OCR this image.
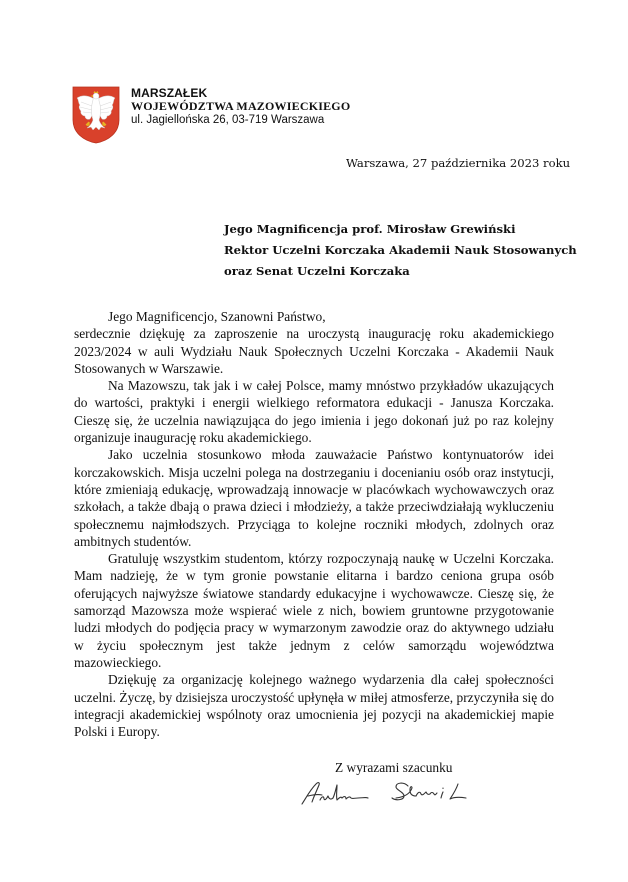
MARSZAŁEK
WOJEWÓDZTWA MAZOWIECKIEGO
ul. Jagiellońska 26, 03-719 Warszawa
Warszawa, 27 października 2023 roku
Jego Magnificencja prof. Mirosław Grewiński
Rektor Uczelni Korczaka Akademii Nauk Stosowanych
oraz Senat Uczelni Korczaka

Jego Magnificencjo, Szanowni Państwo,

serdecznie dziękuję za zaproszenie na uroczystą inaugurację roku akademickiego 2023/2024 w auli Wydziału Nauk Społecznych Uczelni Korczaka - Akademii Nauk Stosowanych w Warszawie.

Na Mazowszu, tak jak i w całej Polsce, mamy mnóstwo przykładów ukazujących do wartości, praktyki i energii wielkiego reformatora edukacji - Janusza Korczaka. Cieszę się, że uczelnia nawiązująca do jego imienia i jego dokonań już po raz kolejny organizuje inaugurację roku akademickiego.

Jako uczelnia stosunkowo młoda zauważacie Państwo kontynuatorów idei korczakowskich. Misja uczelni polega na dostrzeganiu i docenianiu osób oraz instytucji, które zmieniają edukację, wprowadzają innowacje w placówkach wychowawczych oraz szkołach, a także dbają o prawa dzieci i młodzieży, a także przeciwdziałają wykluczeniu społecznemu najmłodszych. Przyciąga to kolejne roczniki młodych, zdolnych oraz ambitnych studentów.

Gratuluję wszystkim studentom, którzy rozpoczynają naukę w Uczelni Korczaka. Mam nadzieję, że w tym gronie powstanie elitarna i bardzo ceniona grupa osób oferujących najwyższe światowe standardy edukacyjne i wychowawcze. Cieszę się, że samorząd Mazowsza może wspierać wiele z nich, bowiem gruntowne przygotowanie ludzi młodych do podjęcia pracy w wymarzonym zawodzie oraz do aktywnego udziału w życiu społecznym jest także jednym z celów samorządu województwa mazowieckiego.

Dziękuję za organizację kolejnego ważnego wydarzenia dla całej społeczności uczelni. Życzę, by dzisiejsza uroczystość upłynęła w miłej atmosferze, przyczyniła się do integracji akademickiej wspólnoty oraz umocnienia jej pozycji na akademickiej mapie Polski i Europy.

Z wyrazami szacunku
